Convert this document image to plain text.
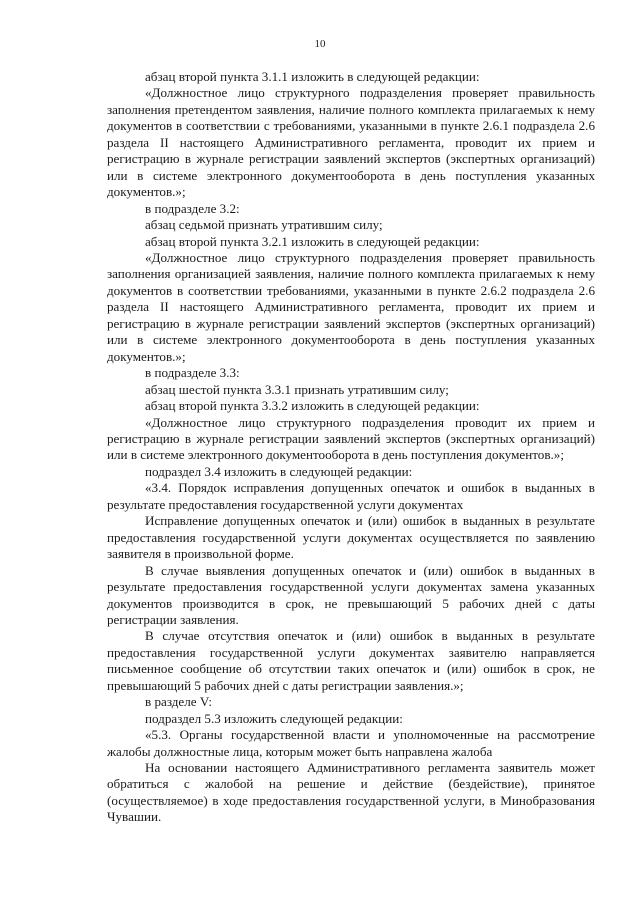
10

абзац второй пункта 3.1.1 изложить в следующей редакции:

«Должностное лицо структурного подразделения проверяет правильность заполнения претендентом заявления, наличие полного комплекта прилагаемых к нему документов в соответствии с требованиями, указанными в пункте 2.6.1 подраздела 2.6 раздела II настоящего Административного регламента, проводит их прием и регистрацию в журнале регистрации заявлений экспертов (экспертных организаций) или в системе электронного документооборота в день поступления указанных документов.»;

в подразделе 3.2:

абзац седьмой признать утратившим силу;

абзац второй пункта 3.2.1 изложить в следующей редакции:

«Должностное лицо структурного подразделения проверяет правильность заполнения организацией заявления, наличие полного комплекта прилагаемых к нему документов в соответствии требованиями, указанными в пункте 2.6.2 подраздела 2.6 раздела II настоящего Административного регламента, проводит их прием и регистрацию в журнале регистрации заявлений экспертов (экспертных организаций) или в системе электронного документооборота в день поступления указанных документов.»;

в подразделе 3.3:

абзац шестой пункта 3.3.1 признать утратившим силу;

абзац второй пункта 3.3.2 изложить в следующей редакции:

«Должностное лицо структурного подразделения проводит их прием и регистрацию в журнале регистрации заявлений экспертов (экспертных организаций) или в системе электронного документооборота в день поступления документов.»;

подраздел 3.4 изложить в следующей редакции:

«3.4. Порядок исправления допущенных опечаток и ошибок в выданных в результате предоставления государственной услуги документах

Исправление допущенных опечаток и (или) ошибок в выданных в результате предоставления государственной услуги документах осуществляется по заявлению заявителя в произвольной форме.

В случае выявления допущенных опечаток и (или) ошибок в выданных в результате предоставления государственной услуги документах замена указанных документов производится в срок, не превышающий 5 рабочих дней с даты регистрации заявления.

В случае отсутствия опечаток и (или) ошибок в выданных в результате предоставления государственной услуги документах заявителю направляется письменное сообщение об отсутствии таких опечаток и (или) ошибок в срок, не превышающий 5 рабочих дней с даты регистрации заявления.»;

в разделе V:

подраздел 5.3 изложить следующей редакции:

«5.3. Органы государственной власти и уполномоченные на рассмотрение жалобы должностные лица, которым может быть направлена жалоба

На основании настоящего Административного регламента заявитель может обратиться с жалобой на решение и действие (бездействие), принятое (осуществляемое) в ходе предоставления государственной услуги, в Минобразования Чувашии.
